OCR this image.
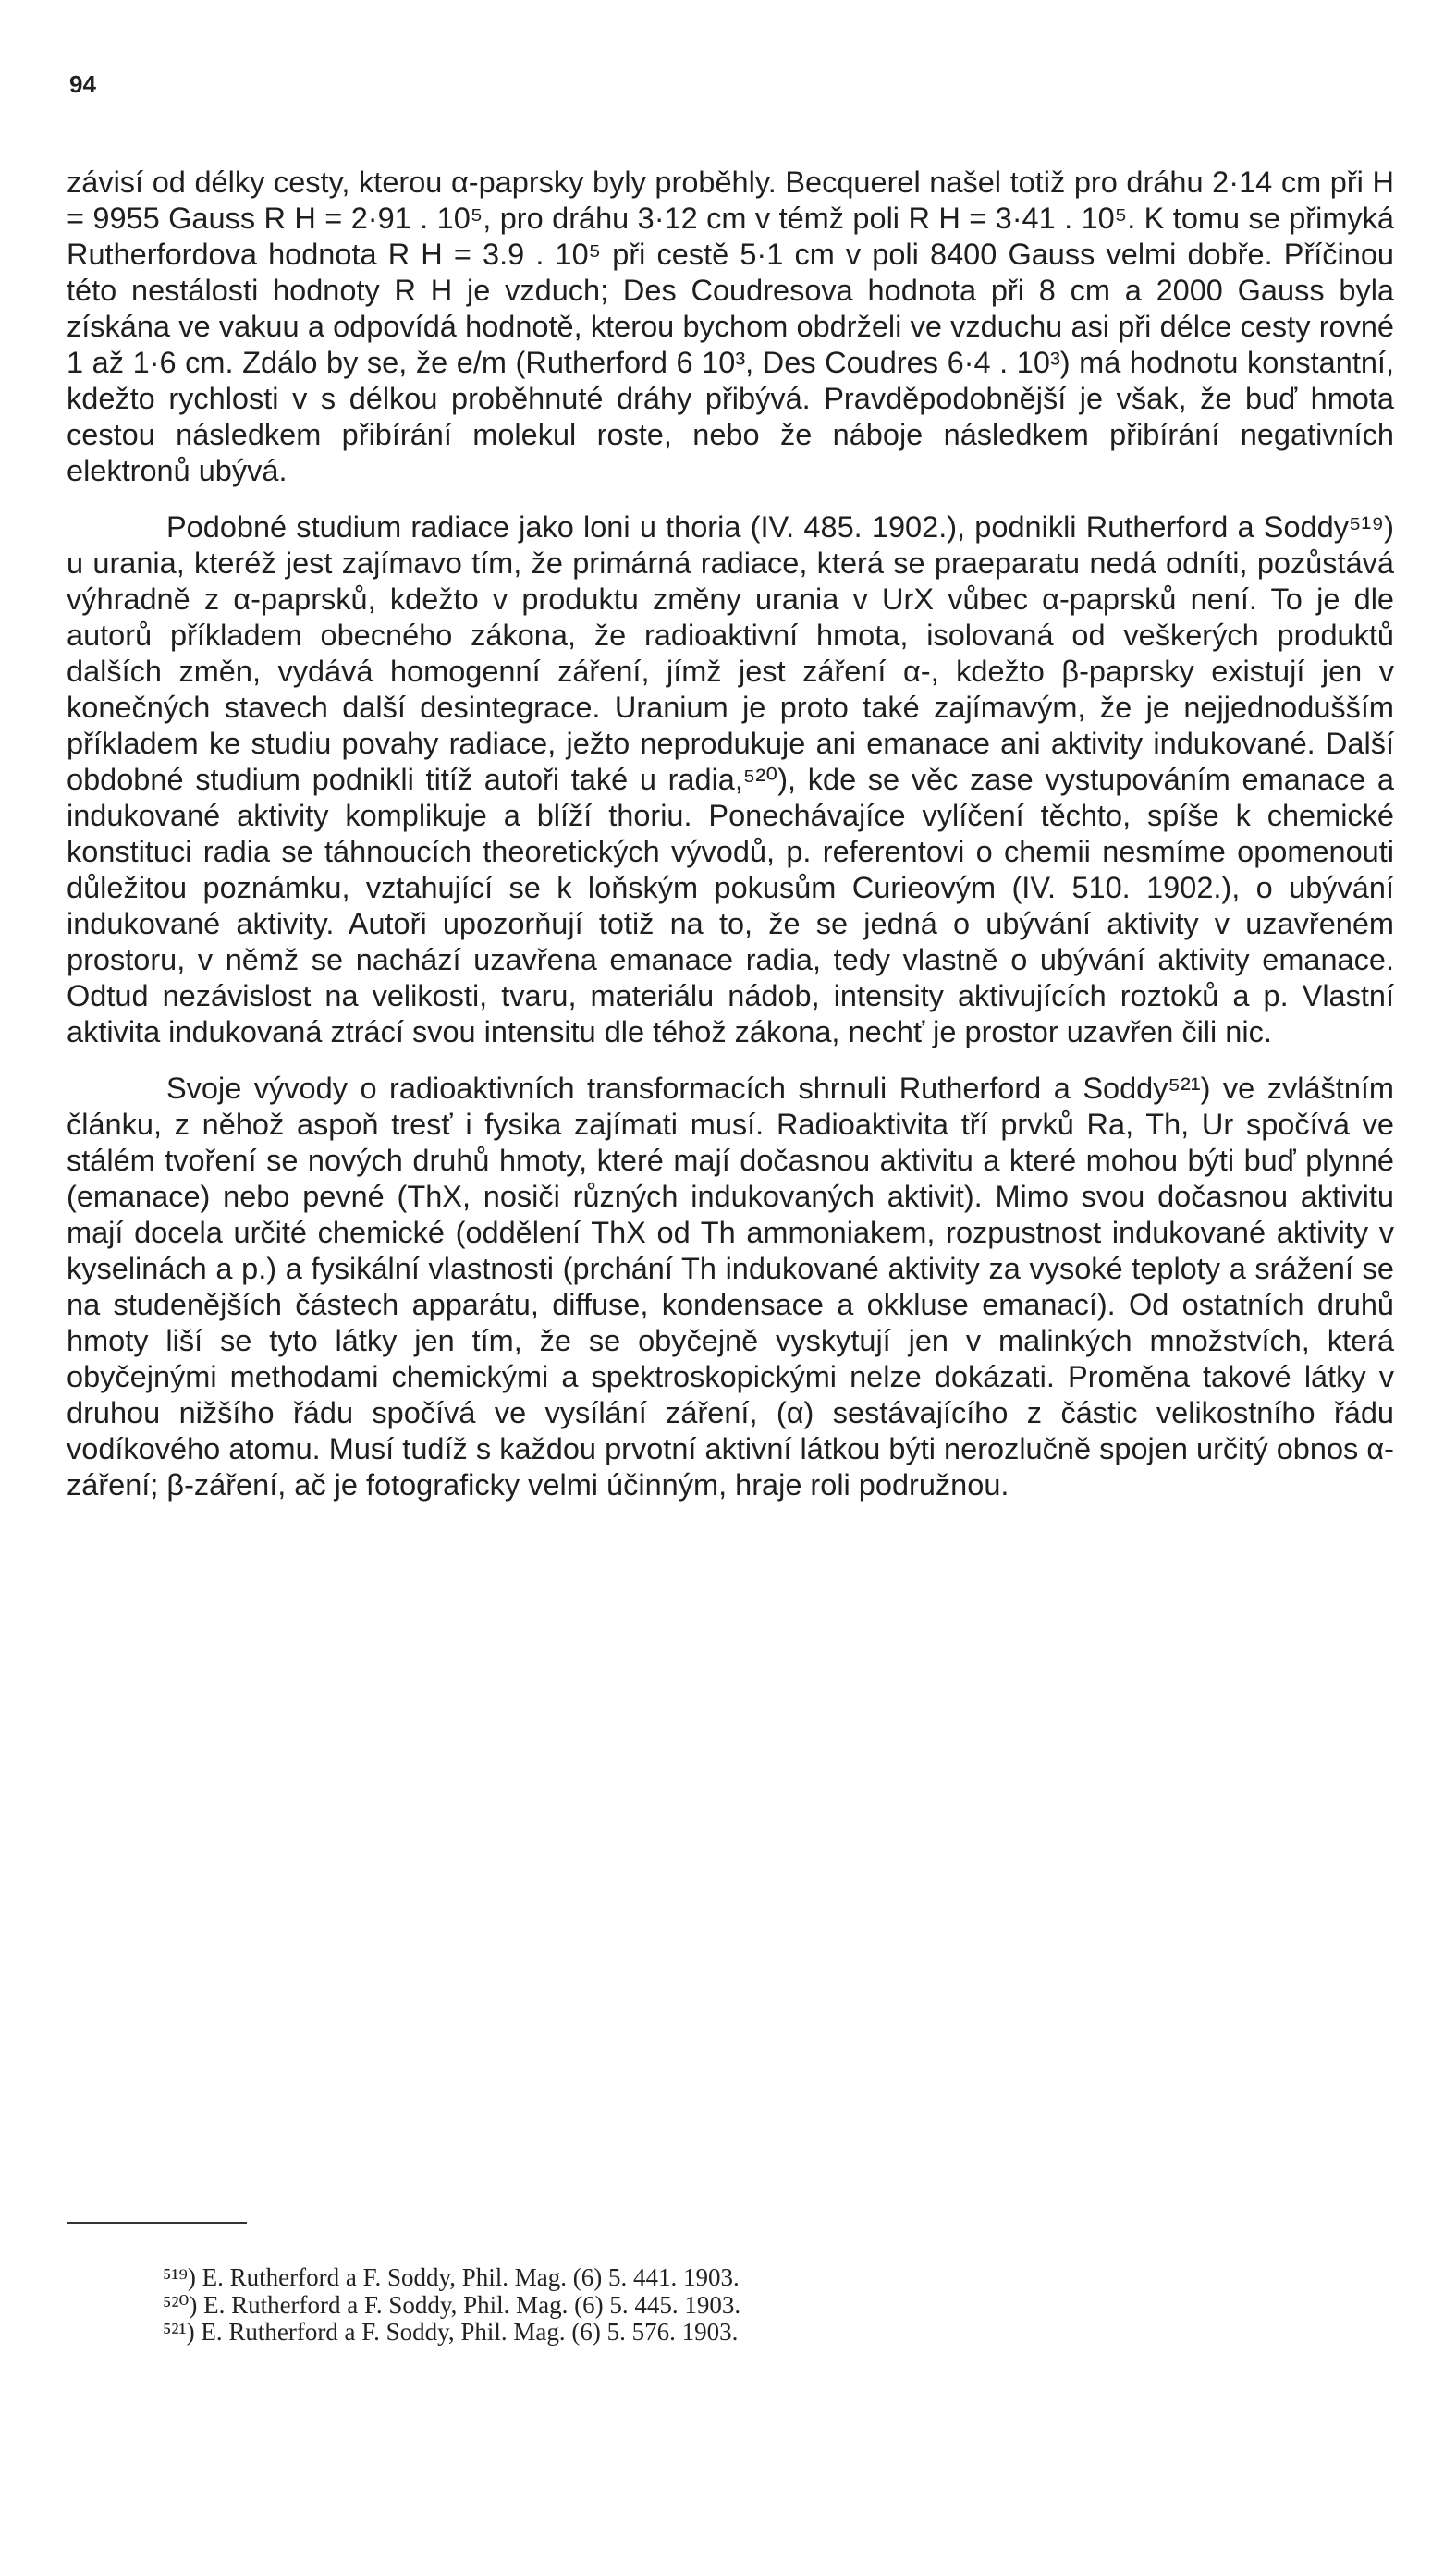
94

závisí od délky cesty, kterou α-paprsky byly proběhly. Becquerel našel totiž pro dráhu 2·14 cm při H = 9955 Gauss R H = 2·91 . 10⁵, pro dráhu 3·12 cm v témž poli R H = 3·41 . 10⁵. K tomu se přimyká Rutherfordova hodnota R H = 3.9 . 10⁵ při cestě 5·1 cm v poli 8400 Gauss velmi dobře. Příčinou této nestálosti hodnoty R H je vzduch; Des Coudresova hodnota při 8 cm a 2000 Gauss byla získána ve vakuu a odpovídá hodnotě, kterou bychom obdrželi ve vzduchu asi při délce cesty rovné 1 až 1·6 cm. Zdálo by se, že e/m (Rutherford 6 10³, Des Coudres 6·4 . 10³) má hodnotu konstantní, kdežto rychlosti v s délkou proběhnuté dráhy přibývá. Pravděpodobnější je však, že buď hmota cestou následkem přibírání molekul roste, nebo že náboje následkem přibírání negativních elektronů ubývá.

Podobné studium radiace jako loni u thoria (IV. 485. 1902.), podnikli Rutherford a Soddy⁵¹⁹) u urania, kteréž jest zajímavo tím, že primárná radiace, která se praeparatu nedá odníti, pozůstává výhradně z α-paprsků, kdežto v produktu změny urania v UrX vůbec α-paprsků není. To je dle autorů příkladem obecného zákona, že radioaktivní hmota, isolovaná od veškerých produktů dalších změn, vydává homogenní záření, jímž jest záření α-, kdežto β-paprsky existují jen v konečných stavech další desintegrace. Uranium je proto také zajímavým, že je nejjednodušším příkladem ke studiu povahy radiace, ježto neprodukuje ani emanace ani aktivity indukované. Další obdobné studium podnikli titíž autoři také u radia,⁵²⁰), kde se věc zase vystupováním emanace a indukované aktivity komplikuje a blíží thoriu. Ponechávajíce vylíčení těchto, spíše k chemické konstituci radia se táhnoucích theoretických vývodů, p. referentovi o chemii nesmíme opomenouti důležitou poznámku, vztahující se k loňským pokusům Curieovým (IV. 510. 1902.), o ubývání indukované aktivity. Autoři upozorňují totiž na to, že se jedná o ubývání aktivity v uzavřeném prostoru, v němž se nachází uzavřena emanace radia, tedy vlastně o ubývání aktivity emanace. Odtud nezávislost na velikosti, tvaru, materiálu nádob, intensity aktivujících roztoků a p. Vlastní aktivita indukovaná ztrácí svou intensitu dle téhož zákona, nechť je prostor uzavřen čili nic.

Svoje vývody o radioaktivních transformacích shrnuli Rutherford a Soddy⁵²¹) ve zvláštním článku, z něhož aspoň tresť i fysika zajímati musí. Radioaktivita tří prvků Ra, Th, Ur spočívá ve stálém tvoření se nových druhů hmoty, které mají dočasnou aktivitu a které mohou býti buď plynné (emanace) nebo pevné (ThX, nosiči různých indukovaných aktivit). Mimo svou dočasnou aktivitu mají docela určité chemické (oddělení ThX od Th ammoniakem, rozpustnost indukované aktivity v kyselinách a p.) a fysikální vlastnosti (prchání Th indukované aktivity za vysoké teploty a srážení se na studenějších částech apparátu, diffuse, kondensace a okkluse emanací). Od ostatních druhů hmoty liší se tyto látky jen tím, že se obyčejně vyskytují jen v malinkých množstvích, která obyčejnými methodami chemickými a spektroskopickými nelze dokázati. Proměna takové látky v druhou nižšího řádu spočívá ve vysílání záření, (α) sestávajícího z částic velikostního řádu vodíkového atomu. Musí tudíž s každou prvotní aktivní látkou býti nerozlučně spojen určitý obnos α-záření; β-záření, ač je fotograficky velmi účinným, hraje roli podružnou.

⁵¹⁹) E. Rutherford a F. Soddy, Phil. Mag. (6) 5. 441. 1903.
⁵²⁰) E. Rutherford a F. Soddy, Phil. Mag. (6) 5. 445. 1903.
⁵²¹) E. Rutherford a F. Soddy, Phil. Mag. (6) 5. 576. 1903.
